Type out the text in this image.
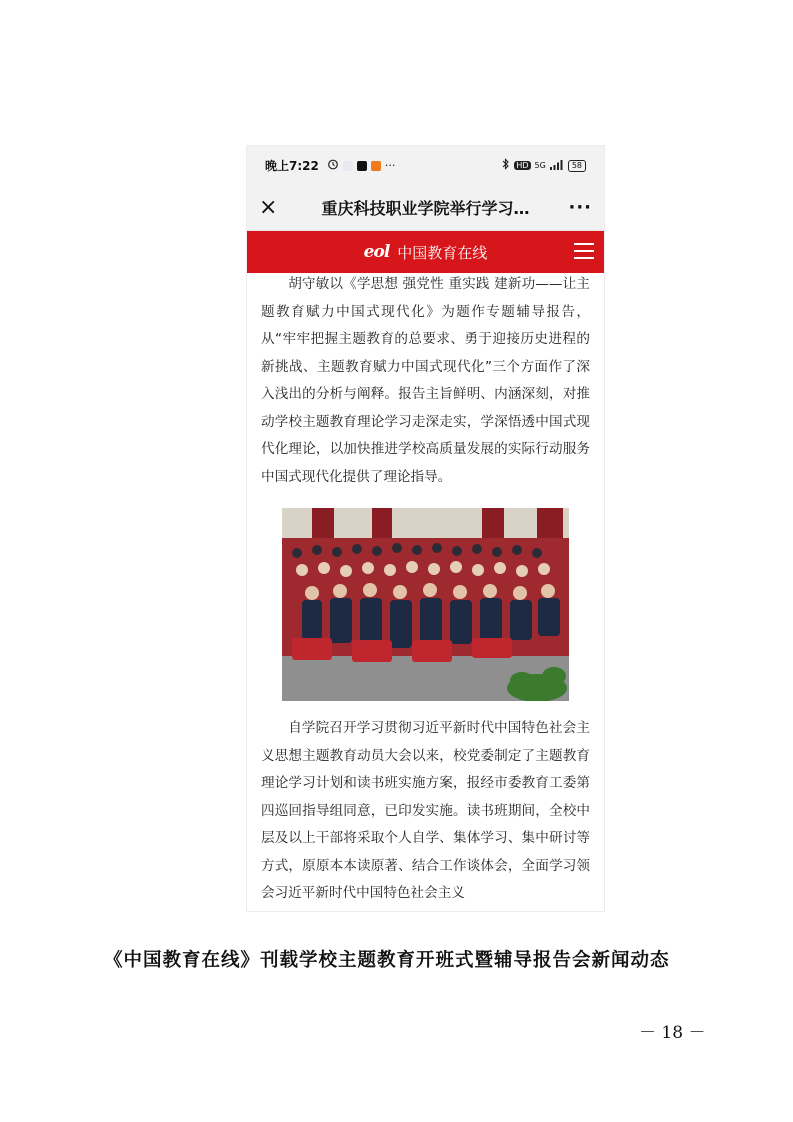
晚上7:22	···	HD 5G	58
×	重庆科技职业学院举行学习…	···
eol 中国教育在线

胡守敏以《学思想 强党性 重实践 建新功——让主题教育赋力中国式现代化》为题作专题辅导报告，从“牢牢把握主题教育的总要求、勇于迎接历史进程的新挑战、主题教育赋力中国式现代化”三个方面作了深入浅出的分析与阐释。报告主旨鲜明、内涵深刻，对推动学校主题教育理论学习走深走实，学深悟透中国式现代化理论，以加快推进学校高质量发展的实际行动服务中国式现代化提供了理论指导。

自学院召开学习贯彻习近平新时代中国特色社会主义思想主题教育动员大会以来，校党委制定了主题教育理论学习计划和读书班实施方案，报经市委教育工委第四巡回指导组同意，已印发实施。读书班期间，全校中层及以上干部将采取个人自学、集体学习、集中研讨等方式，原原本本读原著、结合工作谈体会，全面学习领会习近平新时代中国特色社会主义

《中国教育在线》刊载学校主题教育开班式暨辅导报告会新闻动态
－ 18 －
